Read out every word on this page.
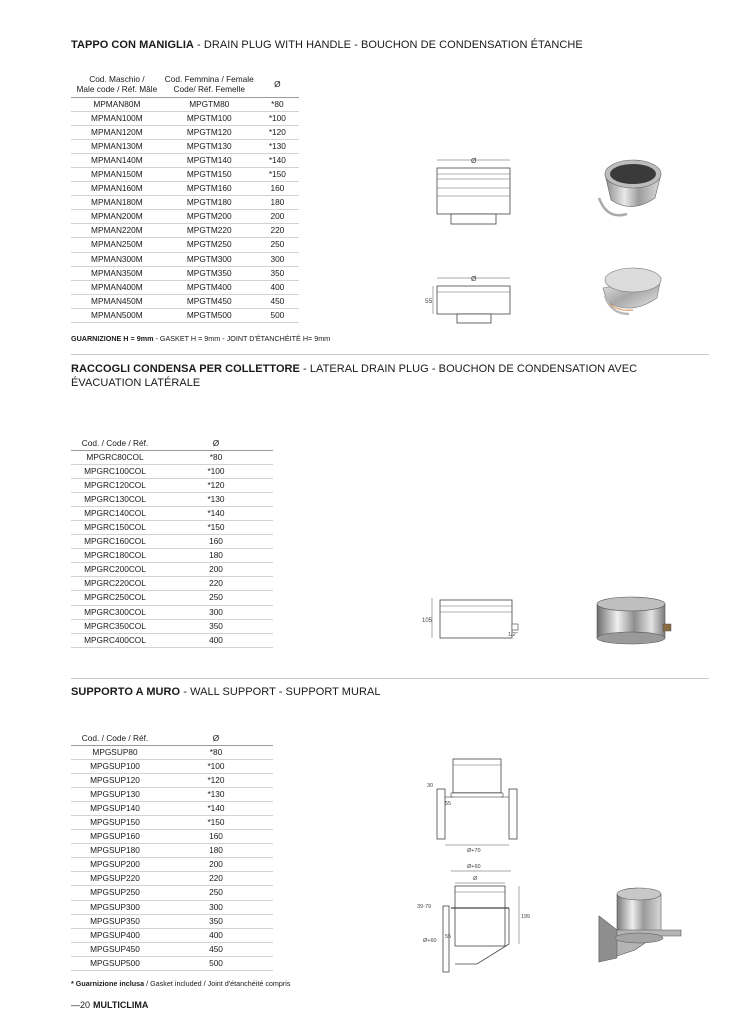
TAPPO CON MANIGLIA - DRAIN PLUG WITH HANDLE - BOUCHON DE CONDENSATION ÉTANCHE
Cod. Maschio /
Male code / Réf. Mâle	Cod. Femmina / Female
Code/ Réf. Femelle	Ø
MPMAN80M	MPGTM80	*80
MPMAN100M	MPGTM100	*100
MPMAN120M	MPGTM120	*120
MPMAN130M	MPGTM130	*130
MPMAN140M	MPGTM140	*140
MPMAN150M	MPGTM150	*150
MPMAN160M	MPGTM160	160
MPMAN180M	MPGTM180	180
MPMAN200M	MPGTM200	200
MPMAN220M	MPGTM220	220
MPMAN250M	MPGTM250	250
MPMAN300M	MPGTM300	300
MPMAN350M	MPGTM350	350
MPMAN400M	MPGTM400	400
MPMAN450M	MPGTM450	450
MPMAN500M	MPGTM500	500
GUARNIZIONE H = 9mm - GASKET H = 9mm - JOINT D'ÉTANCHÉITÉ H= 9mm
Ø
Ø
55
RACCOGLI CONDENSA PER COLLETTORE - LATERAL DRAIN PLUG - BOUCHON DE CONDENSATION AVEC
ÉVACUATION LATÉRALE
Cod. / Code / Réf.	Ø
MPGRC80COL	*80
MPGRC100COL	*100
MPGRC120COL	*120
MPGRC130COL	*130
MPGRC140COL	*140
MPGRC150COL	*150
MPGRC160COL	160
MPGRC180COL	180
MPGRC200COL	200
MPGRC220COL	220
MPGRC250COL	250
MPGRC300COL	300
MPGRC350COL	350
MPGRC400COL	400
105
1/2"
SUPPORTO A MURO - WALL SUPPORT - SUPPORT MURAL
Cod. / Code / Réf.	Ø
MPGSUP80	*80
MPGSUP100	*100
MPGSUP120	*120
MPGSUP130	*130
MPGSUP140	*140
MPGSUP150	*150
MPGSUP160	160
MPGSUP180	180
MPGSUP200	200
MPGSUP220	220
MPGSUP250	250
MPGSUP300	300
MPGSUP350	350
MPGSUP400	400
MPGSUP450	450
MPGSUP500	500
30
55
Ø+70
Ø+60
Ø
195
39-79
55
Ø+60
* Guarnizione inclusa / Gasket included / Joint d'étanchéité compris
—20 MULTICLIMA
